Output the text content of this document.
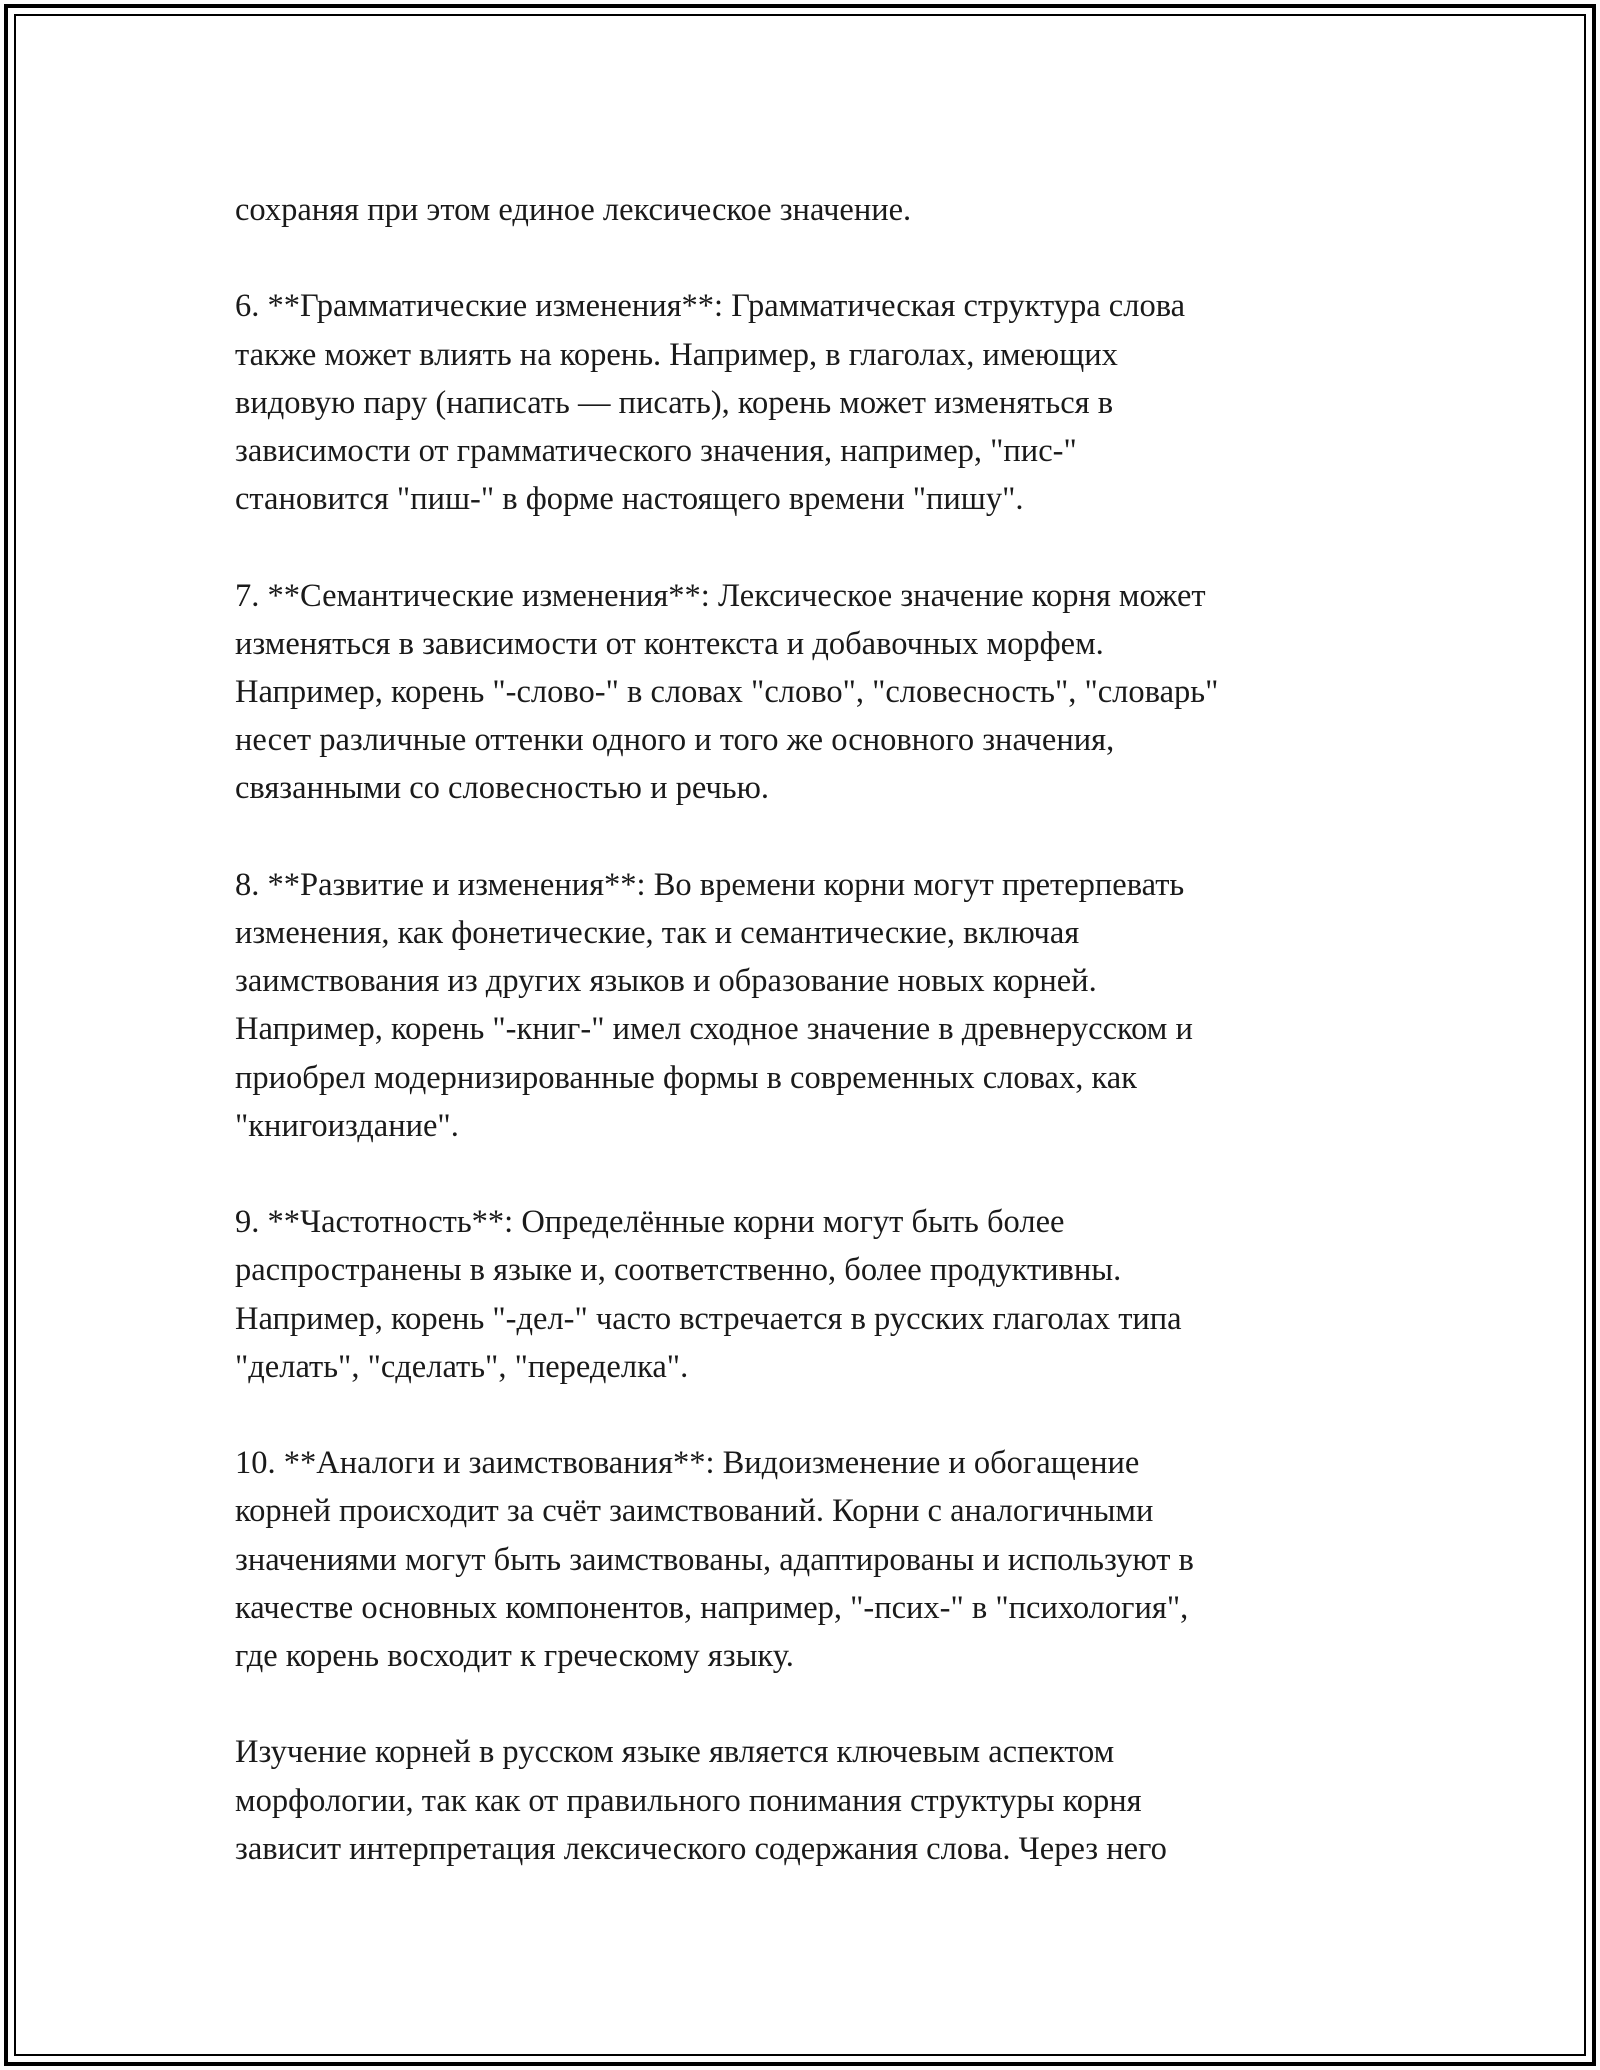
сохраняя при этом единое лексическое значение.

6. **Грамматические изменения**: Грамматическая структура слова
также может влиять на корень. Например, в глаголах, имеющих
видовую пару (написать — писать), корень может изменяться в
зависимости от грамматического значения, например, "пис-"
становится "пиш-" в форме настоящего времени "пишу".

7. **Семантические изменения**: Лексическое значение корня может
изменяться в зависимости от контекста и добавочных морфем.
Например, корень "-слово-" в словах "слово", "словесность", "словарь"
несет различные оттенки одного и того же основного значения,
связанными со словесностью и речью.

8. **Развитие и изменения**: Во времени корни могут претерпевать
изменения, как фонетические, так и семантические, включая
заимствования из других языков и образование новых корней.
Например, корень "-книг-" имел сходное значение в древнерусском и
приобрел модернизированные формы в современных словах, как
"книгоиздание".

9. **Частотность**: Определённые корни могут быть более
распространены в языке и, соответственно, более продуктивны.
Например, корень "-дел-" часто встречается в русских глаголах типа
"делать", "сделать", "переделка".

10. **Аналоги и заимствования**: Видоизменение и обогащение
корней происходит за счёт заимствований. Корни с аналогичными
значениями могут быть заимствованы, адаптированы и используют в
качестве основных компонентов, например, "-псих-" в "психология",
где корень восходит к греческому языку.

Изучение корней в русском языке является ключевым аспектом
морфологии, так как от правильного понимания структуры корня
зависит интерпретация лексического содержания слова. Через него
